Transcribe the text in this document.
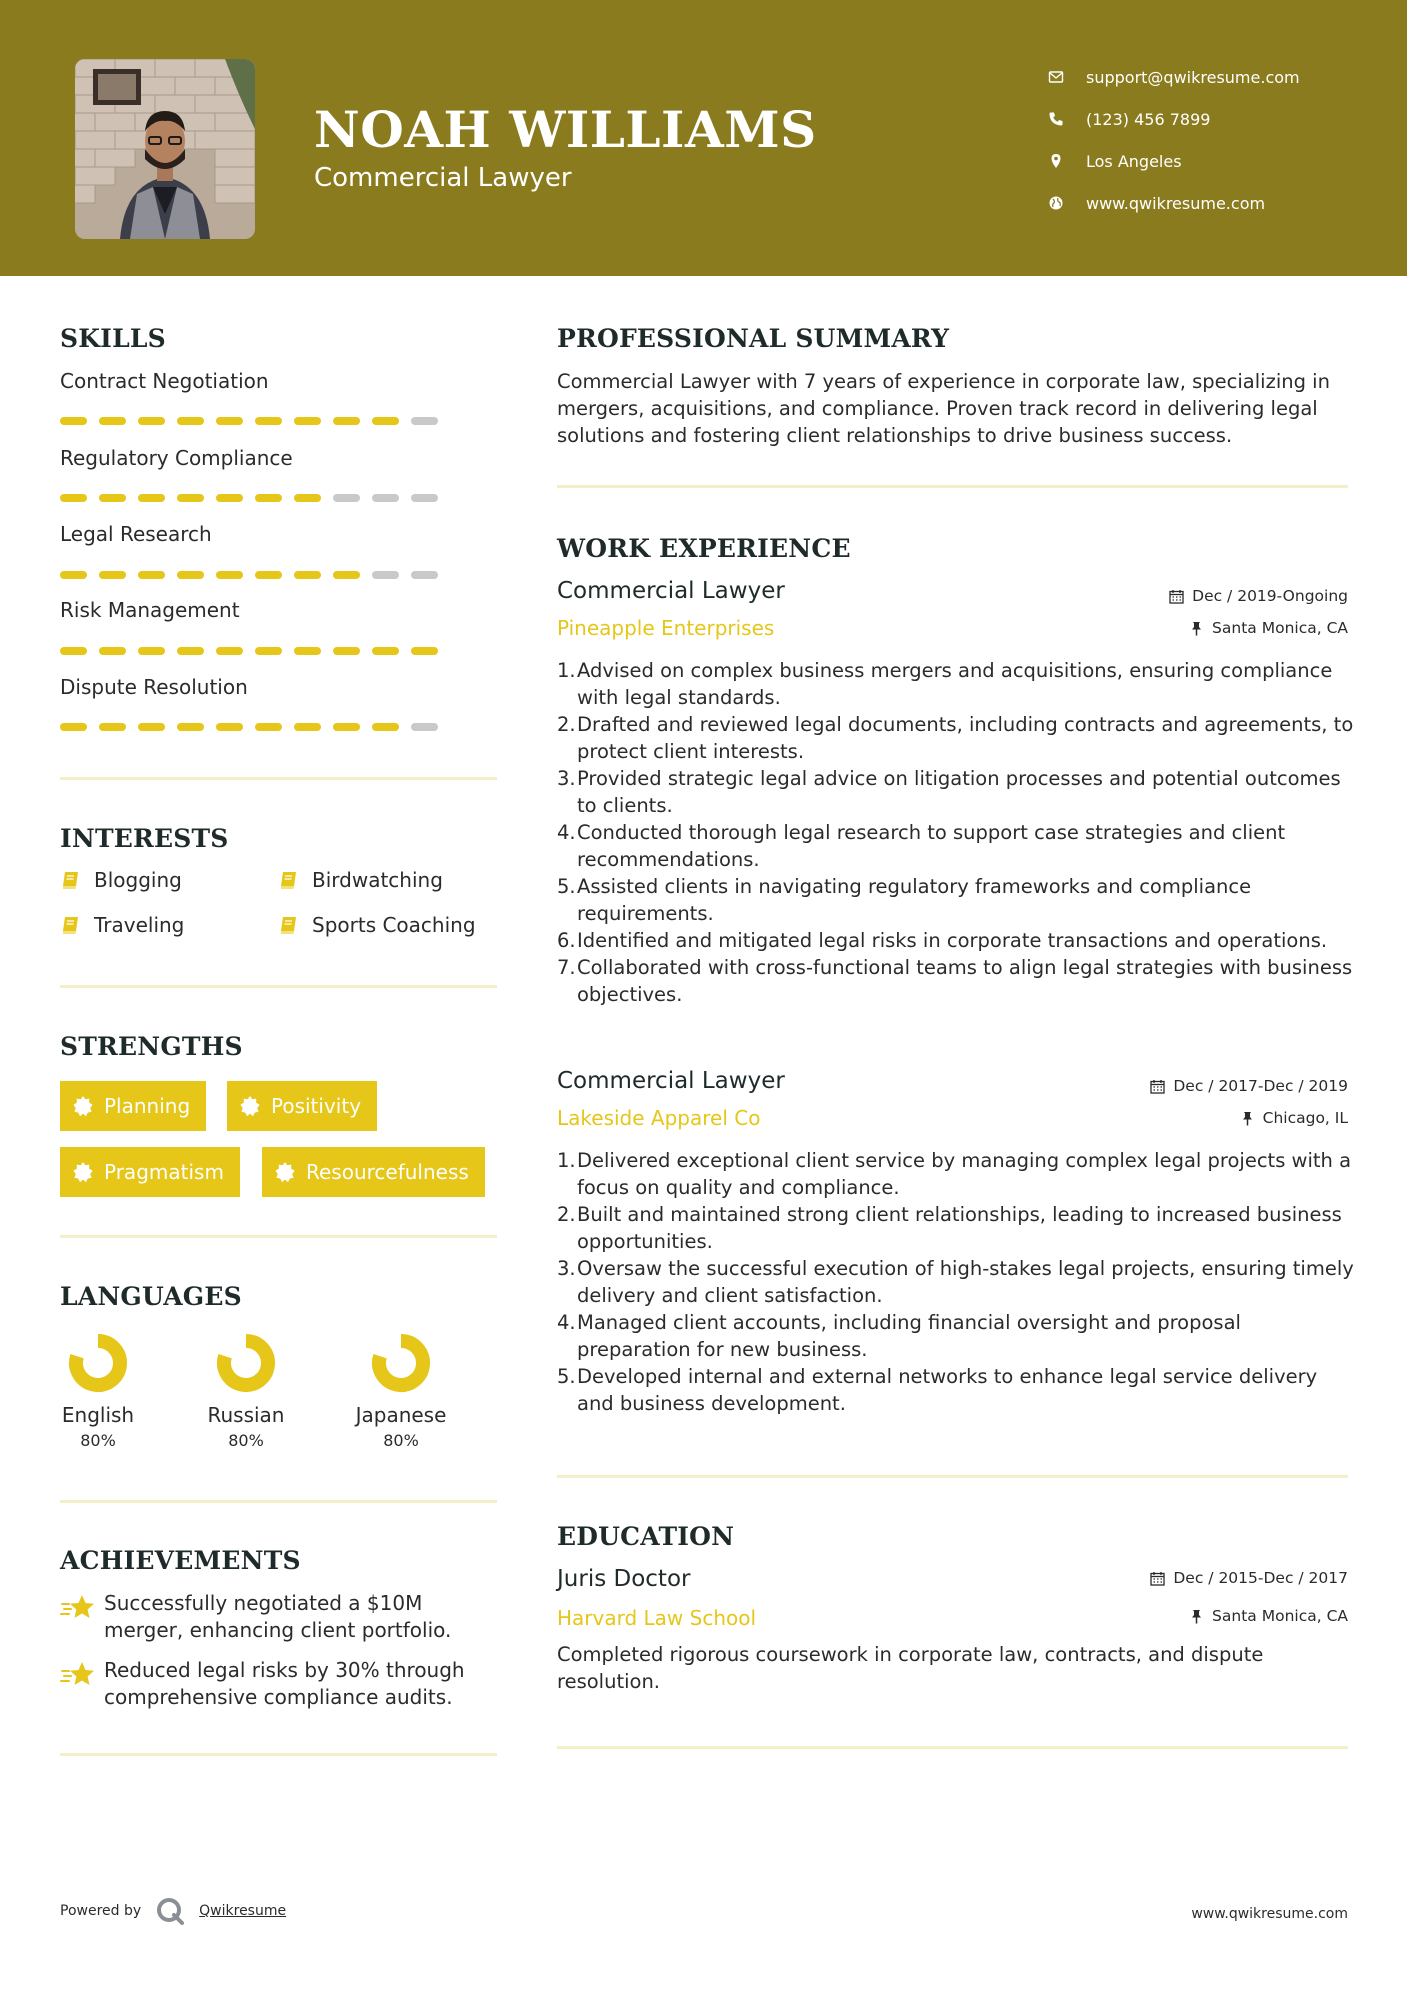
NOAH WILLIAMS
Commercial Lawyer
support@qwikresume.com
(123) 456 7899
Los Angeles
www.qwikresume.com
SKILLS
Contract Negotiation
Regulatory Compliance
Legal Research
Risk Management
Dispute Resolution
INTERESTS
Blogging	Birdwatching
Traveling	Sports Coaching
STRENGTHS
Planning	Positivity
Pragmatism	Resourcefulness
LANGUAGES
English
80%
Russian
80%
Japanese
80%
ACHIEVEMENTS
Successfully negotiated a $10M merger, enhancing client portfolio.
Reduced legal risks by 30% through comprehensive compliance audits.
PROFESSIONAL SUMMARY
Commercial Lawyer with 7 years of experience in corporate law, specializing in mergers, acquisitions, and compliance. Proven track record in delivering legal solutions and fostering client relationships to drive business success.
WORK EXPERIENCE
Commercial Lawyer	Dec / 2019-Ongoing
Pineapple Enterprises	Santa Monica, CA
1. Advised on complex business mergers and acquisitions, ensuring compliance with legal standards.
2. Drafted and reviewed legal documents, including contracts and agreements, to protect client interests.
3. Provided strategic legal advice on litigation processes and potential outcomes to clients.
4. Conducted thorough legal research to support case strategies and client recommendations.
5. Assisted clients in navigating regulatory frameworks and compliance requirements.
6. Identified and mitigated legal risks in corporate transactions and operations.
7. Collaborated with cross-functional teams to align legal strategies with business objectives.
Commercial Lawyer	Dec / 2017-Dec / 2019
Lakeside Apparel Co	Chicago, IL
1. Delivered exceptional client service by managing complex legal projects with a focus on quality and compliance.
2. Built and maintained strong client relationships, leading to increased business opportunities.
3. Oversaw the successful execution of high-stakes legal projects, ensuring timely delivery and client satisfaction.
4. Managed client accounts, including financial oversight and proposal preparation for new business.
5. Developed internal and external networks to enhance legal service delivery and business development.
EDUCATION
Juris Doctor	Dec / 2015-Dec / 2017
Harvard Law School	Santa Monica, CA
Completed rigorous coursework in corporate law, contracts, and dispute resolution.
Powered by	Qwikresume	www.qwikresume.com
